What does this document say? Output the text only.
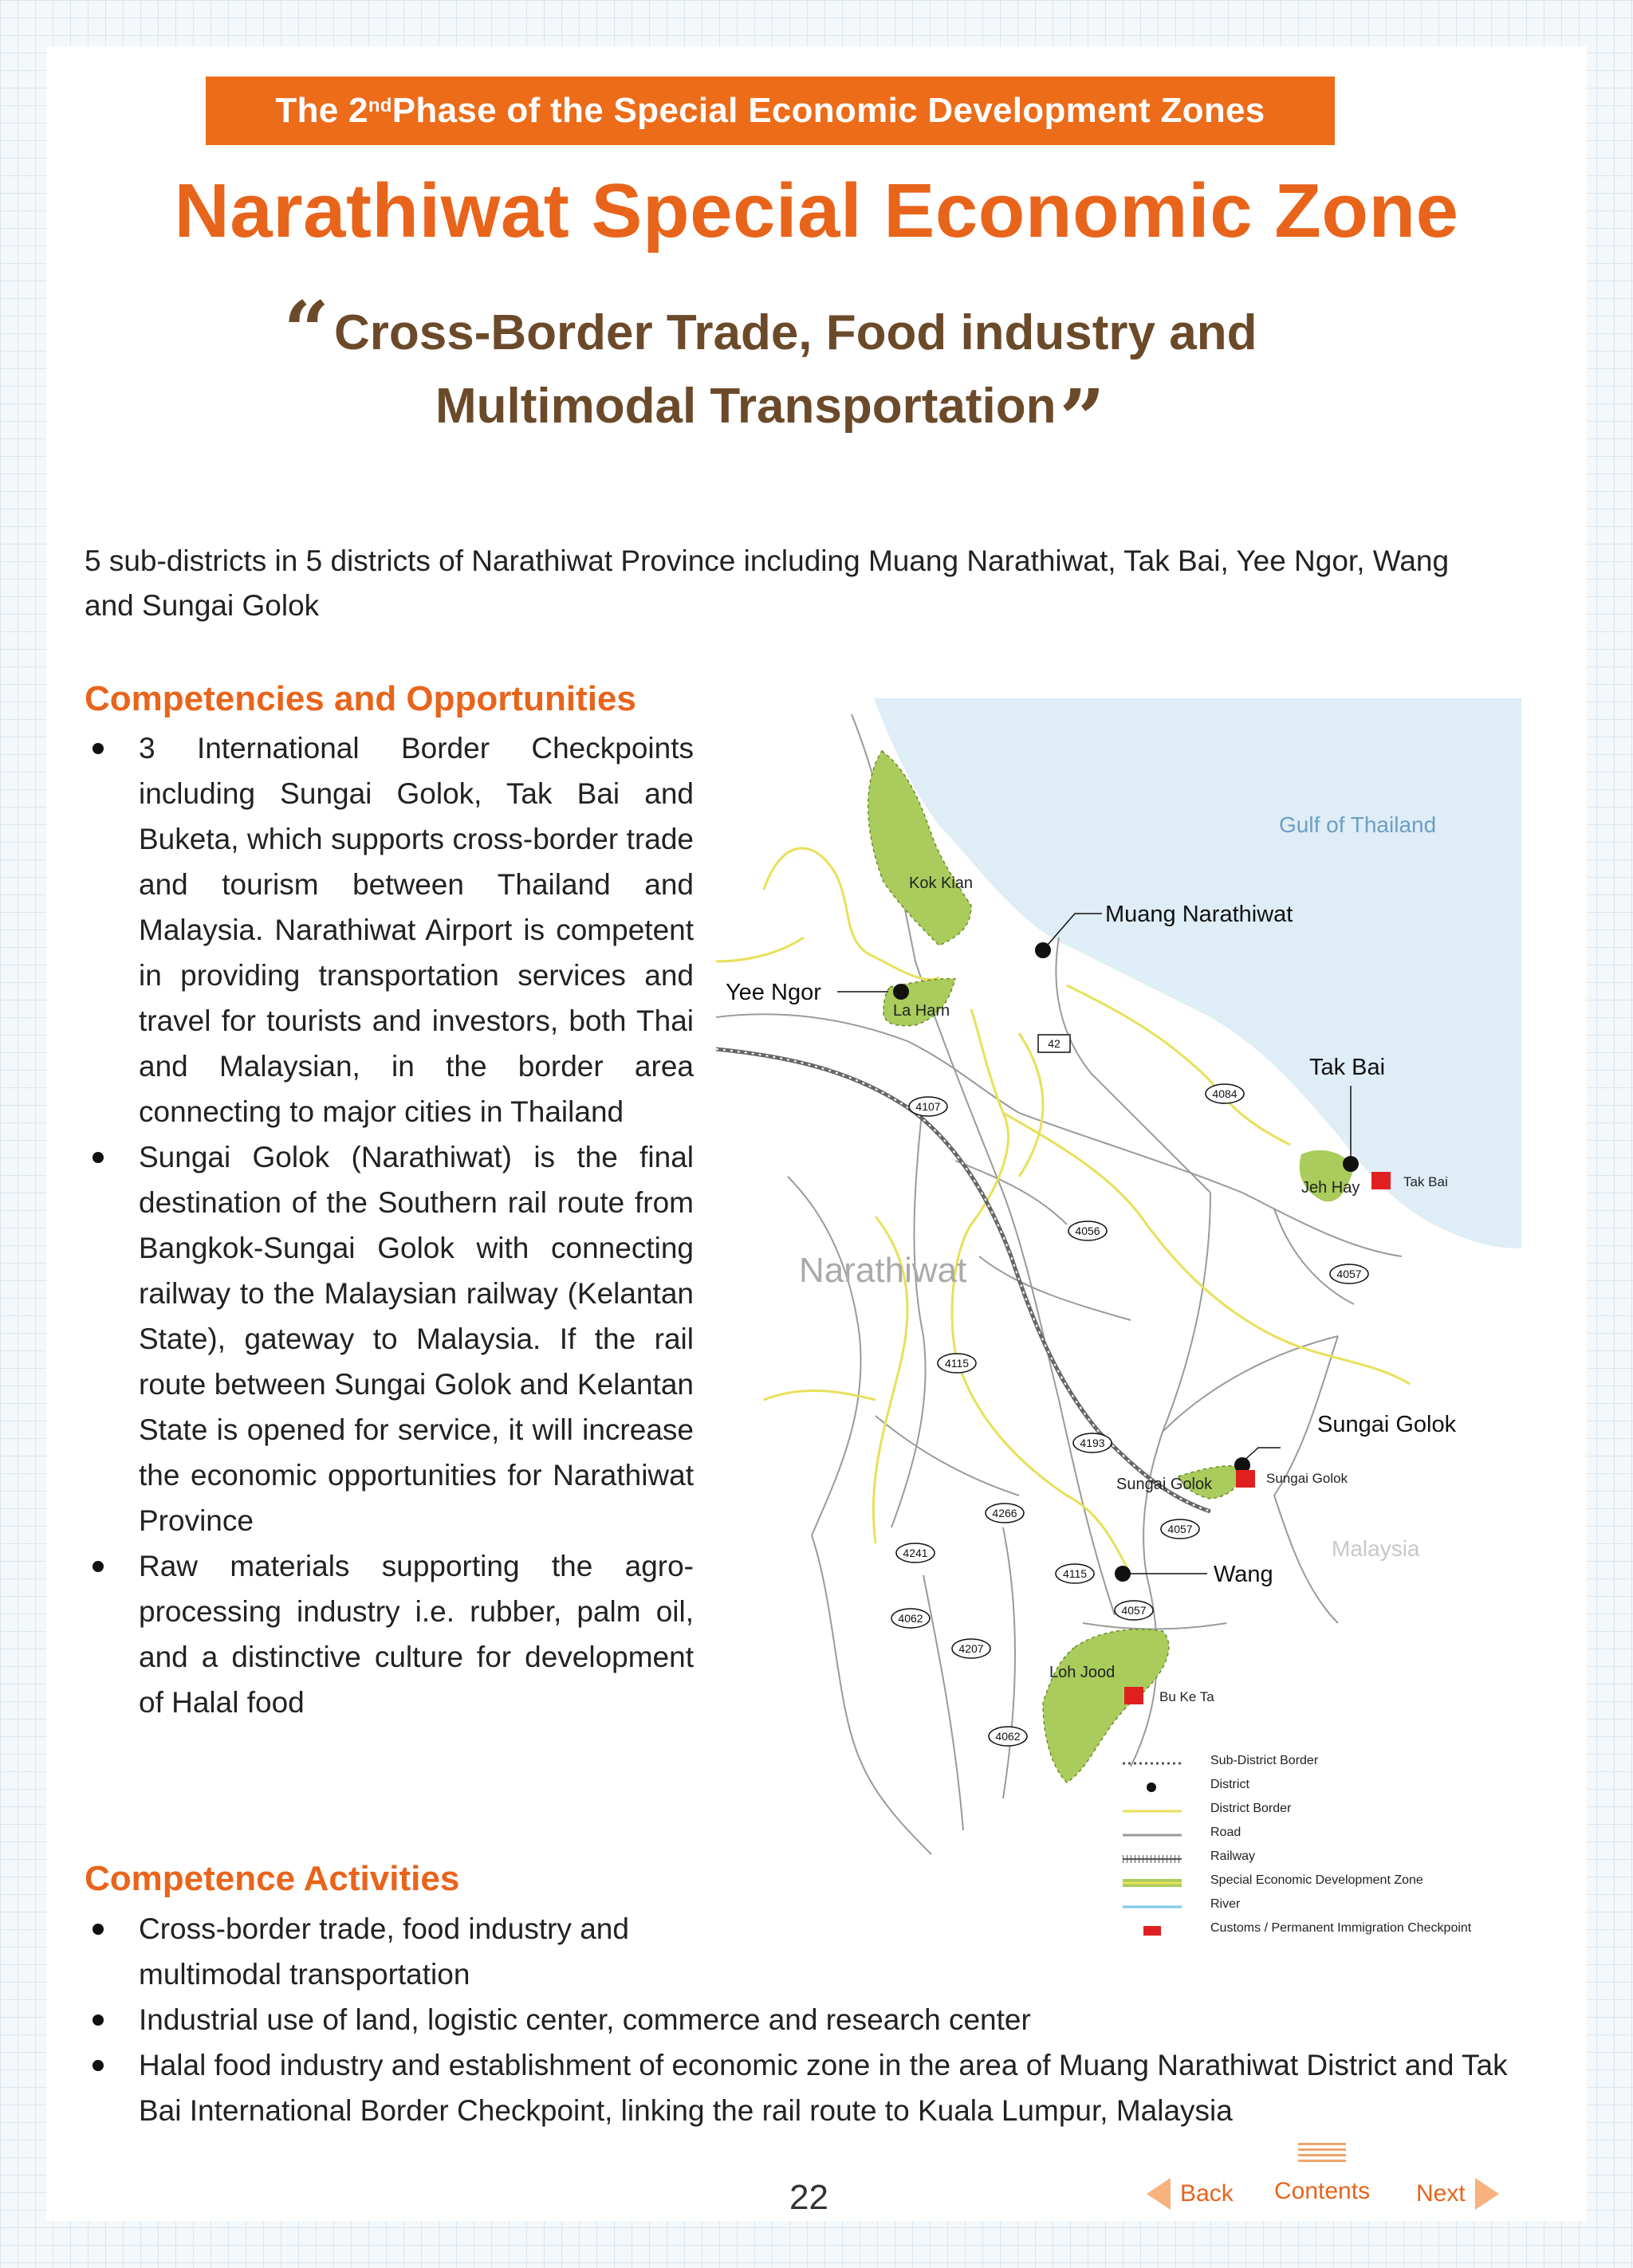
The 2nd Phase of the Special Economic Development Zones
Narathiwat Special Economic Zone
“Cross-Border Trade, Food industry and
Multimodal Transportation”
5 sub-districts in 5 districts of Narathiwat Province including Muang Narathiwat, Tak Bai, Yee Ngor, Wang and Sungai Golok
Competencies and Opportunities
3 International Border Checkpoints including Sungai Golok, Tak Bai and Buketa, which supports cross-border trade and tourism between Thailand and Malaysia. Narathiwat Airport is competent in providing transportation services and travel for tourists and investors, both Thai and Malaysian, in the border area connecting to major cities in Thailand
Sungai Golok (Narathiwat) is the final destination of the Southern rail route from Bangkok-Sungai Golok with connecting railway to the Malaysian railway (Kelantan State), gateway to Malaysia. If the rail route between Sungai Golok and Kelantan State is opened for service, it will increase the economic opportunities for Narathiwat Province
Raw materials supporting the agro-processing industry i.e. rubber, palm oil, and a distinctive culture for development of Halal food
Competence Activities
Cross-border trade, food industry and multimodal transportation
Industrial use of land, logistic center, commerce and research center
Halal food industry and establishment of economic zone in the area of Muang Narathiwat District and Tak Bai International Border Checkpoint, linking the rail route to Kuala Lumpur, Malaysia
Gulf of Thailand
Narathiwat
Malaysia
Kok Kian
La Harn
Jeh Hay
Sungai Golok
Loh Jood
Muang Narathiwat
Yee Ngor
Tak Bai
Sungai Golok
Wang
Tak Bai
Sungai Golok
Bu Ke Ta
42
4084
4107
4056
4057
4115
4193
4266
4057
4241
4115
4057
4062
4207
4062
Sub-District Border
District
District Border
Road
Railway
Special Economic Development Zone
River
Customs / Permanent Immigration Checkpoint
22	Back Contents Next
